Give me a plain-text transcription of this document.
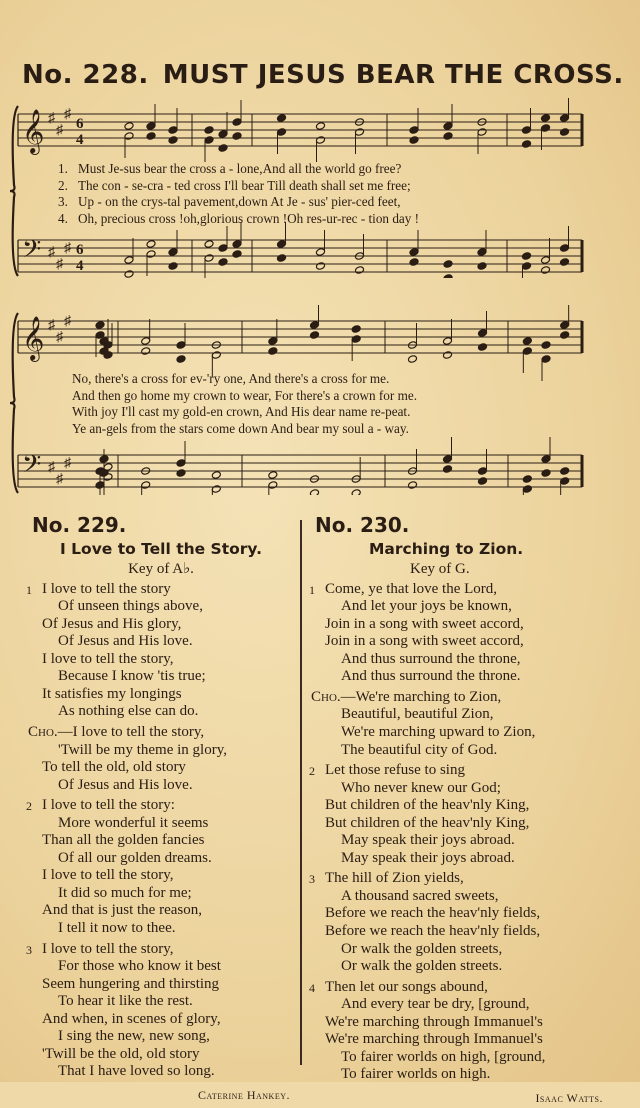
No. 228. MUST JESUS BEAR THE CROSS.
𝄞 ♯
♯
♯
6
4
𝄢 ♯
♯
♯ 6
4
𝄞 ♯
♯
♯
𝄢 ♯
♯
♯
1. Must Je-sus bear the cross a - lone,And all the world go free?
2. The con - se-cra - ted cross I'll bear Till death shall set me free;
3. Up - on the crys-tal pavement,down At Je - sus' pier-ced feet,
4. Oh, precious cross !oh,glorious crown !Oh res-ur-rec - tion day !
No, there's a cross for ev-'ry one, And there's a cross for me.
And then go home my crown to wear, For there's a crown for me.
With joy I'll cast my gold-en crown, And His dear name re-peat.
Ye an-gels from the stars come down And bear my soul a - way.
No. 229.
I Love to Tell the Story.
Key of A♭.
1 I love to tell the story
Of unseen things above,
Of Jesus and His glory,
Of Jesus and His love.
I love to tell the story,
Because I know 'tis true;
It satisfies my longings
As nothing else can do.
Cho.—I love to tell the story,
'Twill be my theme in glory,
To tell the old, old story
Of Jesus and His love.
2 I love to tell the story:
More wonderful it seems
Than all the golden fancies
Of all our golden dreams.
I love to tell the story,
It did so much for me;
And that is just the reason,
I tell it now to thee.
3 I love to tell the story,
For those who know it best
Seem hungering and thirsting
To hear it like the rest.
And when, in scenes of glory,
I sing the new, new song,
'Twill be the old, old story
That I have loved so long.
Caterine Hankey.
No. 230.
Marching to Zion.
Key of G.
1 Come, ye that love the Lord,
And let your joys be known,
Join in a song with sweet accord,
Join in a song with sweet accord,
And thus surround the throne,
And thus surround the throne.
Cho.—We're marching to Zion,
Beautiful, beautiful Zion,
We're marching upward to Zion,
The beautiful city of God.
2 Let those refuse to sing
Who never knew our God;
But children of the heav'nly King,
But children of the heav'nly King,
May speak their joys abroad.
May speak their joys abroad.
3 The hill of Zion yields,
A thousand sacred sweets,
Before we reach the heav'nly fields,
Before we reach the heav'nly fields,
Or walk the golden streets,
Or walk the golden streets.
4 Then let our songs abound,
And every tear be dry, [ground,
We're marching through Immanuel's
We're marching through Immanuel's
To fairer worlds on high, [ground,
To fairer worlds on high.
Isaac Watts.
